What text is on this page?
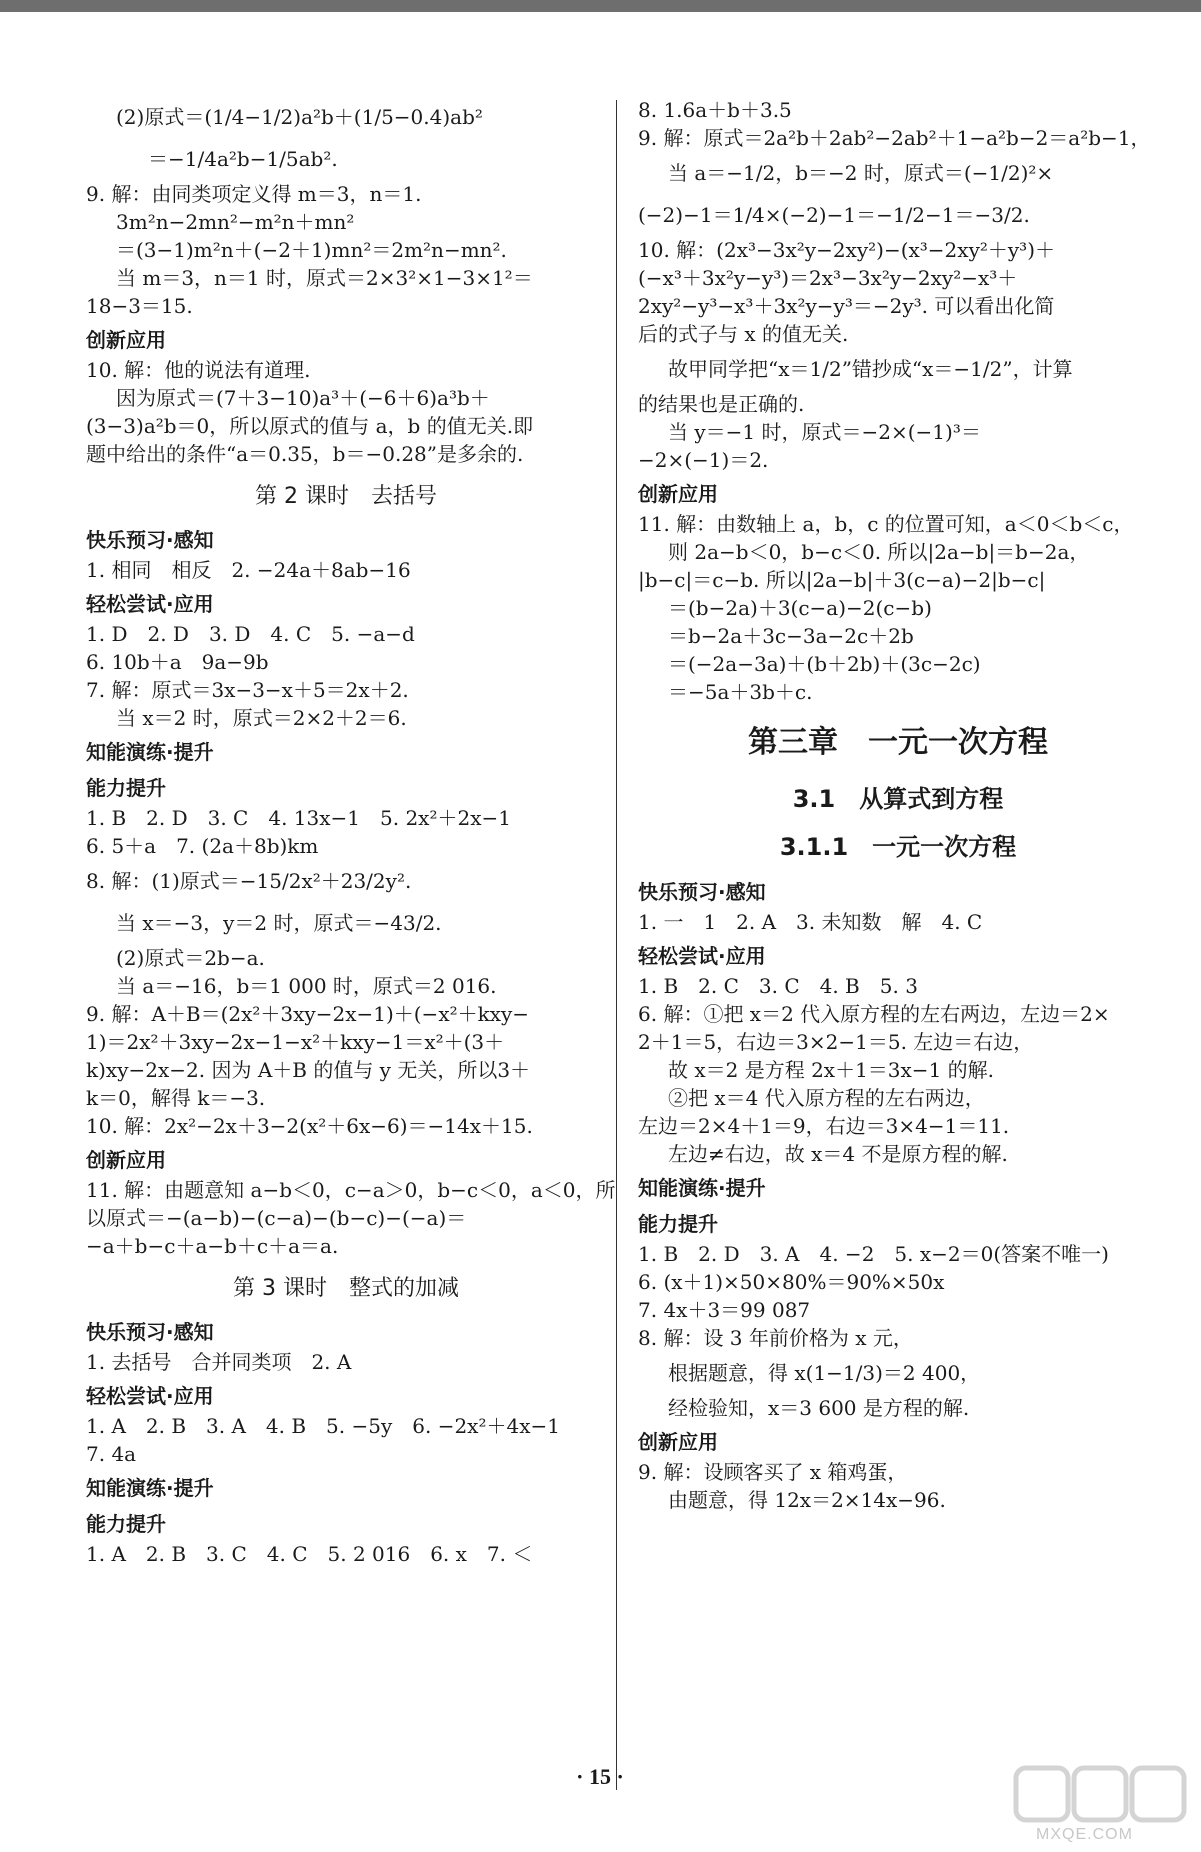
(2)原式＝(1/4−1/2)a²b＋(1/5−0.4)ab²
＝−1/4a²b−1/5ab².
9. 解：由同类项定义得 m＝3，n＝1.
3m²n−2mn²−m²n＋mn²
＝(3−1)m²n＋(−2＋1)mn²＝2m²n−mn².
当 m＝3，n＝1 时，原式＝2×3²×1−3×1²＝
18−3＝15.
创新应用
10. 解：他的说法有道理.
因为原式＝(7＋3−10)a³＋(−6＋6)a³b＋
(3−3)a²b＝0，所以原式的值与 a，b 的值无关.即
题中给出的条件“a＝0.35，b＝−0.28”是多余的.
第 2 课时　去括号
快乐预习·感知
1. 相同　相反　2. −24a＋8ab−16
轻松尝试·应用
1. D　2. D　3. D　4. C　5. −a−d
6. 10b＋a　9a−9b
7. 解：原式＝3x−3−x＋5＝2x＋2.
当 x＝2 时，原式＝2×2＋2＝6.
知能演练·提升
能力提升
1. B　2. D　3. C　4. 13x−1　5. 2x²＋2x−1
6. 5＋a　7. (2a＋8b)km
8. 解：(1)原式＝−15/2x²＋23/2y².
当 x＝−3，y＝2 时，原式＝−43/2.
(2)原式＝2b−a.
当 a＝−16，b＝1 000 时，原式＝2 016.
9. 解：A＋B＝(2x²＋3xy−2x−1)＋(−x²＋kxy−
1)＝2x²＋3xy−2x−1−x²＋kxy−1＝x²＋(3＋
k)xy−2x−2. 因为 A＋B 的值与 y 无关，所以3＋
k＝0，解得 k＝−3.
10. 解：2x²−2x＋3−2(x²＋6x−6)＝−14x＋15.
创新应用
11. 解：由题意知 a−b＜0，c−a＞0，b−c＜0，a＜0，所
以原式＝−(a−b)−(c−a)−(b−c)−(−a)＝
−a＋b−c＋a−b＋c＋a＝a.
第 3 课时　整式的加减
快乐预习·感知
1. 去括号　合并同类项　2. A
轻松尝试·应用
1. A　2. B　3. A　4. B　5. −5y　6. −2x²＋4x−1
7. 4a
知能演练·提升
能力提升
1. A　2. B　3. C　4. C　5. 2 016　6. x　7. ＜
8. 1.6a＋b＋3.5
9. 解：原式＝2a²b＋2ab²−2ab²＋1−a²b−2＝a²b−1，
当 a＝−1/2，b＝−2 时，原式＝(−1/2)²×
(−2)−1＝1/4×(−2)−1＝−1/2−1＝−3/2.
10. 解：(2x³−3x²y−2xy²)−(x³−2xy²＋y³)＋
(−x³＋3x²y−y³)＝2x³−3x²y−2xy²−x³＋
2xy²−y³−x³＋3x²y−y³＝−2y³. 可以看出化简
后的式子与 x 的值无关.
故甲同学把“x＝1/2”错抄成“x＝−1/2”，计算
的结果也是正确的.
当 y＝−1 时，原式＝−2×(−1)³＝
−2×(−1)＝2.
创新应用
11. 解：由数轴上 a，b，c 的位置可知，a＜0＜b＜c，
则 2a−b＜0，b−c＜0. 所以|2a−b|＝b−2a，
|b−c|＝c−b. 所以|2a−b|＋3(c−a)−2|b−c|
＝(b−2a)＋3(c−a)−2(c−b)
＝b−2a＋3c−3a−2c＋2b
＝(−2a−3a)＋(b＋2b)＋(3c−2c)
＝−5a＋3b＋c.
第三章　一元一次方程
3.1　从算式到方程
3.1.1　一元一次方程
快乐预习·感知
1. 一　1　2. A　3. 未知数　解　4. C
轻松尝试·应用
1. B　2. C　3. C　4. B　5. 3
6. 解：①把 x＝2 代入原方程的左右两边，左边＝2×
2＋1＝5，右边＝3×2−1＝5. 左边＝右边，
故 x＝2 是方程 2x＋1＝3x−1 的解.
②把 x＝4 代入原方程的左右两边，
左边＝2×4＋1＝9，右边＝3×4−1＝11.
左边≠右边，故 x＝4 不是原方程的解.
知能演练·提升
能力提升
1. B　2. D　3. A　4. −2　5. x−2＝0(答案不唯一)
6. (x＋1)×50×80%＝90%×50x
7. 4x＋3＝99 087
8. 解：设 3 年前价格为 x 元，
根据题意，得 x(1−1/3)＝2 400，
经检验知，x＝3 600 是方程的解.
创新应用
9. 解：设顾客买了 x 箱鸡蛋，
由题意，得 12x＝2×14x−96.
· 15 ·
MXQE.COM
